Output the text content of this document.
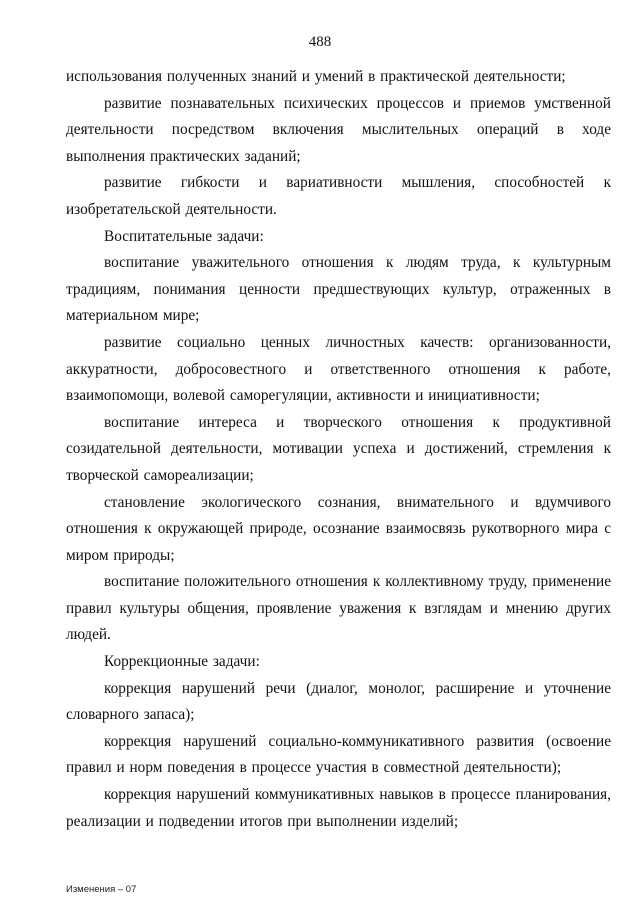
488

использования полученных знаний и умений в практической деятельности;

развитие познавательных психических процессов и приемов умственной деятельности посредством включения мыслительных операций в ходе выполнения практических заданий;

развитие гибкости и вариативности мышления, способностей к изобретательской деятельности.

Воспитательные задачи:

воспитание уважительного отношения к людям труда, к культурным традициям, понимания ценности предшествующих культур, отраженных в материальном мире;

развитие социально ценных личностных качеств: организованности, аккуратности, добросовестного и ответственного отношения к работе, взаимопомощи, волевой саморегуляции, активности и инициативности;

воспитание интереса и творческого отношения к продуктивной созидательной деятельности, мотивации успеха и достижений, стремления к творческой самореализации;

становление экологического сознания, внимательного и вдумчивого отношения к окружающей природе, осознание взаимосвязь рукотворного мира с миром природы;

воспитание положительного отношения к коллективному труду, применение правил культуры общения, проявление уважения к взглядам и мнению других людей.

Коррекционные задачи:

коррекция нарушений речи (диалог, монолог, расширение и уточнение словарного запаса);

коррекция нарушений социально-коммуникативного развития (освоение правил и норм поведения в процессе участия в совместной деятельности);

коррекция нарушений коммуникативных навыков в процессе планирования, реализации и подведении итогов при выполнении изделий;

Изменения – 07
